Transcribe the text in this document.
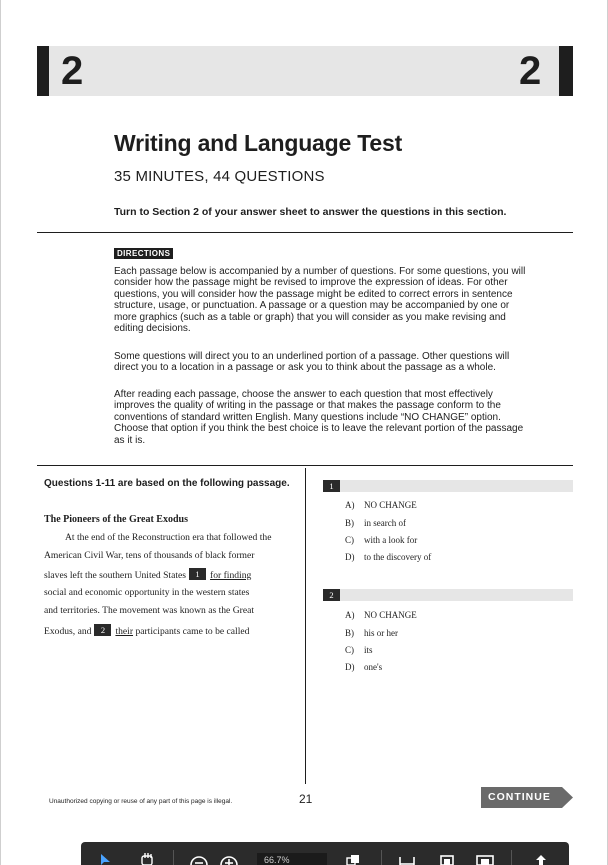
2	2
Writing and Language Test
35 MINUTES, 44 QUESTIONS
Turn to Section 2 of your answer sheet to answer the questions in this section.
DIRECTIONS
Each passage below is accompanied by a number of questions. For some questions, you will consider how the passage might be revised to improve the expression of ideas. For other questions, you will consider how the passage might be edited to correct errors in sentence structure, usage, or punctuation. A passage or a question may be accompanied by one or more graphics (such as a table or graph) that you will consider as you make revising and editing decisions.
Some questions will direct you to an underlined portion of a passage. Other questions will direct you to a location in a passage or ask you to think about the passage as a whole.
After reading each passage, choose the answer to each question that most effectively improves the quality of writing in the passage or that makes the passage conform to the conventions of standard written English. Many questions include “NO CHANGE” option. Choose that option if you think the best choice is to leave the relevant portion of the passage as it is.
Questions 1-11 are based on the following passage.
The Pioneers of the Great Exodus
At the end of the Reconstruction era that followed the
American Civil War, tens of thousands of black former
slaves left the southern United States 1 for finding
social and economic opportunity in the western states
and territories. The movement was known as the Great
Exodus, and 2 their participants came to be called
1
A) NO CHANGE
B) in search of
C) with a look for
D) to the discovery of
2
A) NO CHANGE
B) his or her
C) its
D) one's
Unauthorized copying or reuse of any part of this page is illegal.	21	CONTINUE
66.7%
